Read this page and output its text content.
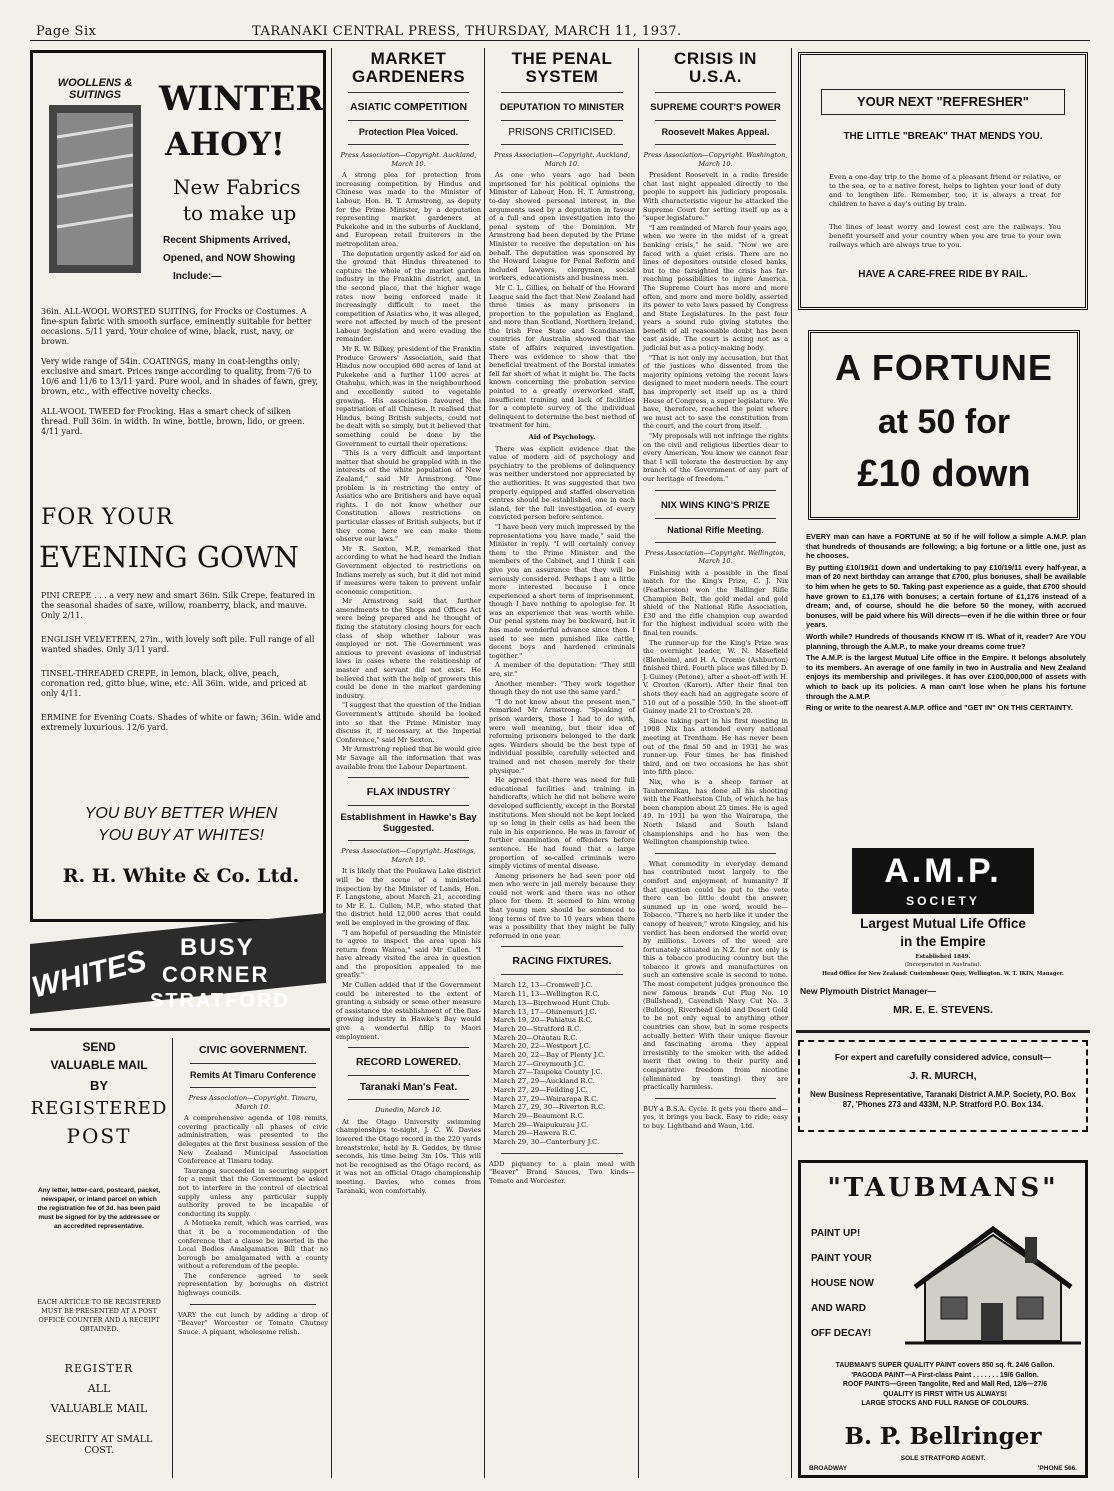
Page Six	TARANAKI CENTRAL PRESS, THURSDAY, MARCH 11, 1937.
WOOLLENS & SUITINGS	WINTER
AHOY!
New Fabrics
to make up
Recent Shipments Arrived,
Opened, and NOW Showing
Include:—

36in. ALL-WOOL WORSTED SUITING, for Frocks or Costumes. A fine-spun fabric with smooth surface, eminently suitable for better occasions. 5/11 yard. Your choice of wine, black, rust, navy, or brown.

Very wide range of 54in. COATINGS, many in coat-lengths only; exclusive and smart. Prices range according to quality, from 7/6 to 10/6 and 11/6 to 13/11 yard. Pure wool, and in shades of fawn, grey, brown, etc., with effective novelty checks.

ALL-WOOL TWEED for Frocking. Has a smart check of silken thread. Full 36in. in width. In wine, bottle, brown, lido, or green. 4/11 yard.

FOR YOUR
EVENING GOWN

PINI CREPE . . . a very new and smart 36in. Silk Crepe, featured in the seasonal shades of saxe, willow, roanberry, black, and mauve. Only 2/11.

ENGLISH VELVETEEN, 27in., with lovely soft pile. Full range of all wanted shades. Only 3/11 yard.

TINSEL-THREADED CREPE, in lemon, black, olive, peach, coronation red, gitto blue, wine, etc. All 36in. wide, and priced at only 4/11.

ERMINE for Evening Coats. Shades of white or fawn; 36in. wide and extremely luxurious. 12/6 yard.

YOU BUY BETTER WHEN
YOU BUY AT WHITES!
R. H. White & Co. Ltd.
WHITES	BUSY
CORNER
STRATFORD
SEND
VALUABLE MAIL
BY
REGISTERED
POST
Any letter, letter-card, postcard, packet, newspaper, or inland parcel on which the registration fee of 3d. has been paid must be signed for by the addressee or an accredited representative.
EACH ARTICLE TO BE REGISTERED MUST BE PRESENTED AT A POST OFFICE COUNTER AND A RECEIPT OBTAINED.
REGISTER
ALL
VALUABLE MAIL
SECURITY AT SMALL COST.
CIVIC GOVERNMENT.
Remits At Timaru Conference
Press Association—Copyright. Timaru, March 10.

A comprehensive agenda of 108 remits, covering practically all phases of civic administration, was presented to the delegates at the first business session of the New Zealand Municipal Association Conference at Timaru today.

Tauranga succeeded in securing support for a remit that the Government be asked not to interfere in the control of electrical supply unless any particular supply authority proved to be incapable of conducting its supply.

A Motueka remit, which was carried, was that it be a recommendation of the conference that a clause be inserted in the Local Bodies Amalgamation Bill that no borough be amalgamated with a county without a referendum of the people.

The conference agreed to seek representation by boroughs on district highways councils.

VARY the cut lunch by adding a drop of "Beaver" Worcester or Tomato Chutney Sauce. A piquant, wholesome relish.

MARKET
GARDENERS
ASIATIC COMPETITION
Protection Plea Voiced.
Press Association—Copyright. Auckland, March 10.

A strong plea for protection from increasing competition by Hindus and Chinese was made to the Minister of Labour, Hon. H. T. Armstrong, as deputy for the Prime Minister, by a deputation representing market gardeners at Pukekohe and in the suburbs of Auckland, and European retail fruiterers in the metropolitan area.

The deputation urgently asked for aid on the ground that Hindus threatened to capture the whole of the market garden industry in the Franklin district, and, in the second place, that the higher wage rates now being enforced made it increasingly difficult to meet the competition of Asiatics who, it was alleged, were not affected by much of the present Labour legislation and were evading the remainder.

Mr R. W. Bilkey, president of the Franklin Produce Growers' Association, said that Hindus now occupied 600 acres of land at Pukekohe and a further 1100 acres at Otahuhu, which was in the neighbourhood and excellently suited to vegetable growing. His association favoured the repatriation of all Chinese. It realised that Hindus, being British subjects, could not be dealt with so simply, but it believed that something could be done by the Government to curtail their operations.

"This is a very difficult and important matter that should be grappled with in the interests of the white population of New Zealand," said Mr Armstrong. "One problem is in restricting the entry of Asiatics who are Britishers and have equal rights. I do not know whether our Constitution allows restrictions on particular classes of British subjects, but if they come here we can make them observe our laws."

Mr R. Sexton, M.P., remarked that according to what he had heard the Indian Government objected to restrictions on Indians merely as such, but it did not mind if measures were taken to prevent unfair economic competition.

Mr Armstrong said that further amendments to the Shops and Offices Act were being prepared and he thought of fixing the statutory closing hours for each class of shop whether labour was employed or not. The Government was anxious to prevent evasions of industrial laws in cases where the relationship of master and servant did not exist. He believed that with the help of growers this could be done in the market gardening industry.

"I suggest that the question of the Indian Government's attitude should be looked into so that the Prime Minister may discuss it, if necessary, at the Imperial Conference," said Mr Sexton.

Mr Armstrong replied that he would give Mr Savage all the information that was available from the Labour Department.

FLAX INDUSTRY
Establishment in Hawke's Bay Suggested.
Press Association—Copyright. Hastings, March 10.

It is likely that the Poukawa Lake district will be the scene of a ministerial inspection by the Minister of Lands, Hon. F. Langstone, about March 21, according to Mr E. L. Cullen, M.P., who stated that the district held 12,000 acres that could well be employed in the growing of flax.

"I am hopeful of persuading the Minister to agree to inspect the area upon his return from Wairoa," said Mr Cullen. "I have already visited the area in question and the proposition appealed to me greatly."

Mr Cullen added that if the Government could be interested to the extent of granting a subsidy or some other measure of assistance the establishment of the flax-growing industry in Hawke's Bay would give a wonderful fillip to Maori employment.

RECORD LOWERED.
Taranaki Man's Feat.
Dunedin, March 10.

At the Otago University swimming championships to-night, J. C. W. Davies lowered the Otago record in the 220 yards breaststroke, held by R. Geddes, by three seconds, his time being 3m 10s. This will not be recognised as the Otago record, as it was not an official Otago championship meeting. Davies, who comes from Taranaki, won comfortably.

THE PENAL
SYSTEM
DEPUTATION TO MINISTER
PRISONS CRITICISED.
Press Association—Copyright. Auckland, March 10.

As one who years ago had been imprisoned for his political opinions the Minister of Labour, Hon. H. T. Armstrong, to-day showed personal interest in the arguments used by a deputation in favour of a full and open investigation into the penal system of the Dominion. Mr Armstrong had been deputed by the Prime Minister to receive the deputation on his behalf. The deputation was sponsored by the Howard League for Penal Reform and included lawyers, clergymen, social workers, educationists and business men.

Mr C. L. Gillies, on behalf of the Howard League said the fact that New Zealand had three times as many prisoners in proportion to the population as England, and more than Scotland, Northern Ireland, the Irish Free State and Scandinavian countries for Australia showed that the state of affairs required investigation. There was evidence to show that the beneficial treatment of the Borstal inmates fell far short of what it might be. The facts known concerning the probation service pointed to a greatly overworked staff, insufficient training and lack of facilities for a complete survey of the individual delinquent to determine the best method of treatment for him.

Aid of Psychology.

There was explicit evidence that the value of modern aid of psychology and psychiatry to the problems of delinquency was neither understood nor appreciated by the authorities. It was suggested that two properly equipped and staffed observation centres should be established, one in each island, for the full investigation of every convicted person before sentence.

"I have been very much impressed by the representations you have made," said the Minister in reply. "I will certainly convey them to the Prime Minister and the members of the Cabinet, and I think I can give you an assurance that they will be seriously considered. Perhaps I am a little more interested because I once experienced a short term of imprisonment, though I have nothing to apologise for. It was an experience that was worth while. Our penal system may be backward, but it has made wonderful advance since then. I used to see men punished like cattle, decent boys and hardened criminals together."

A member of the deputation: "They still are, sir."

Another member: "They work together though they do not use the same yard."

"I do not know about the present men," remarked Mr Armstrong. "Speaking of prison warders, those I had to do with, were well meaning, but their idea of reforming prisoners belonged to the dark ages. Warders should be the best type of individual possible, carefully selected and trained and not chosen merely for their physique."

He agreed that there was need for full educational facilities and training in handicrafts, which he did not believe were developed sufficiently, except in the Borstal institutions. Men should not be kept locked up so long in their cells as had been the rule in his experience. He was in favour of further examination of offenders before sentence. He had found that a large proportion of so-called criminals were simply victims of mental disease.

Among prisoners he had seen poor old men who were in jail merely because they could not work and there was no other place for them. It seemed to him wrong that young men should be sentenced to long terms of five to 10 years when there was a possibility that they might be fully reformed in one year.

RACING FIXTURES.
March 12, 13—Cromwell J.C.
March 11, 13—Wellington R.C.
March 13—Birchwood Hunt Club.
March 13, 17—Ohinemuri J.C.
March 19, 20—Pahiatua R.C.
March 20—Stratford R.C.
March 20—Otautau R.C.
March 20, 22—Westport J.C.
March 20, 22—Bay of Plenty J.C.
March 27—Greymouth J.C.
March 27—Taupeka County J.C.
March 27, 29—Auckland R.C.
March 27, 29—Feilding J.C.
March 27, 29—Wairarapa R.C.
March 27, 29, 30—Riverton R.C.
March 29—Beaumont R.C.
March 29—Waipukurau J.C.
March 29—Hawera R.C.
March 29, 30—Canterbury J.C.

ADD piquancy to a plain meal with "Beaver" Brand Sauces, Two kinds—Tomato and Worcester.

CRISIS IN
U.S.A.
SUPREME COURT'S POWER
Roosevelt Makes Appeal.
Press Association—Copyright. Washington, March 10.

President Roosevelt in a radio fireside chat last night appealed directly to the people to support his judiciary proposals. With characteristic vigour he attacked the Supreme Court for setting itself up as a "super legislature."

"I am reminded of March four years ago, when we were in the midst of a great banking crisis," he said. "Now we are faced with a quiet crisis. There are no lines of depositors outside closed banks, but to the farsighted the crisis has far-reaching possibilities to injure America. The Supreme Court has more and more often, and more and more boldly, asserted its power to veto laws passed by Congress and State Legislatures. In the past four years a sound rule giving statutes the benefit of all reasonable doubt has been cast aside. The court is acting not as a judicial but as a policy-making body.

"That is not only my accusation, but that of the justices who dissented from the majority opinions vetoing the recent laws designed to meet modern needs. The court has improperly set itself up as a third House of Congress, a super legislature. We have, therefore, reached the point where we must act to save the constitution from the court, and the court from itself.

"My proposals will not infringe the rights on the civil and religious liberties dear to every American. You know we cannot fear that I will tolerate the destruction by any branch of the Government of any part of our heritage of freedom."

NIX WINS KING'S PRIZE
National Rifle Meeting.
Press Association—Copyright. Wellington, March 10.

Finishing with a possible in the final match for the King's Prize, C. J. Nix (Featherston) won the Ballinger Rifle Champion Belt, the gold medal and gold shield of the National Rifle Association, £30 and the rifle champion cup awarded for the highest individual score with the final ten rounds.

The runner-up for the King's Prize was the overnight leader, W. N. Masefield (Blenheim), and H. A. Cromie (Ashburton) finished third. Fourth place was filled by D. J. Guiney (Petone), after a shoot-off with H. V. Croxton (Karori). After their final ten shots they each had an aggregate score of 510 out of a possible 550. In the shoot-off Guiney made 21 to Croxton's 20.

Since taking part in his first meeting in 1908 Nix has attended every national meeting at Trentham. He has never been out of the final 50 and in 1931 he was runner-up. Four times he has finished third, and on two occasions he has shot into fifth place.

Nix, who is a sheep farmer at Tauherenikau, has done all his shooting with the Featherston Club, of which he has been champion about 25 times. He is aged 49. In 1931 he won the Wairarapa, the North Island and South Island championships and he has won the Wellington championship twice.

What commodity in everyday demand has contributed most largely to the comfort and enjoyment of humanity? If that question could be put to the vote there can be little doubt the answer, summed up in one word, would be—Tobacco. "There's no herb like it under the canopy of heaven," wrote Kingsley, and his verdict has been endorsed the world over, by millions. Lovers of the weed are fortunately situated in N.Z. for not only is this a tobacco producing country but the tobacco it grows and manufactures on such an extensive scale is second to none. The most competent judges pronounce the new famous brands Cut Plug No. 10 (Bullshead), Cavendish Navy Cut No. 3 (Bulldog), Riverhead Gold and Desert Gold to be not only equal to anything other countries can show, but in some respects actually better. With their unique flavour and fascinating aroma they appeal irresistibly to the smoker with the added merit that owing to their purity and comparative freedom from nicotine (eliminated by toasting) they are practically harmless.

BUY a B.S.A. Cycle. It gets you there and—yes, it brings you back. Easy to ride; easy to buy. Lightband and Waun, Ltd.

YOUR NEXT "REFRESHER"
THE LITTLE "BREAK" THAT MENDS YOU.
Even a one-day trip to the home of a pleasant friend or relative, or to the sea, or to a native forest, helps to lighten your load of duty and to lengthen life. Remember, too, it is always a treat for children to have a day's outing by train.
The lines of least worry and lowest cost are the railways. You benefit yourself and your country when you are true to your own railways which are always true to you.
HAVE A CARE-FREE RIDE BY RAIL.
A FORTUNE
at 50 for
£10 down

EVERY man can have a FORTUNE at 50 if he will follow a simple A.M.P. plan that hundreds of thousands are following; a big fortune or a little one, just as he chooses.

By putting £10/19/11 down and undertaking to pay £10/19/11 every half-year, a man of 20 next birthday can arrange that £700, plus bonuses, shall be available to him when he gets to 50. Taking past experience as a guide, that £700 should have grown to £1,176 with bonuses; a certain fortune of £1,176 instead of a dream; and, of course, should he die before 50 the money, with accrued bonuses, will be paid where his Will directs—even if he die within three or four years.

Worth while? Hundreds of thousands KNOW IT IS. What of it, reader? Are YOU planning, through the A.M.P., to make your dreams come true?

The A.M.P. is the largest Mutual Life office in the Empire. It belongs absolutely to its members. An average of one family in two in Australia and New Zealand enjoys its membership and privileges. It has over £100,000,000 of assets with which to back up its policies. A man can't lose when he plans his fortune through the A.M.P.

Ring or write to the nearest A.M.P. office and "GET IN" ON THIS CERTAINTY.

A.M.P.
SOCIETY
Largest Mutual Life Office
in the Empire
Established 1849.
(Incorporated in Australia).
Head Office for New Zealand: Customhouse Quay, Wellington. W. T. IKIN, Manager.
New Plymouth District Manager—
MR. E. E. STEVENS.
For expert and carefully considered advice, consult—
J. R. MURCH,
New Business Representative, Taranaki District A.M.P. Society, P.O. Box 87, 'Phones 273 and 433M, N.P. Stratford P.O. Box 134.
"TAUBMANS"
PAINT UP!
PAINT YOUR
HOUSE NOW
AND WARD
OFF DECAY!
TAUBMAN'S SUPER QUALITY PAINT covers 850 sq. ft. 24/6 Gallon.
'PAGODA PAINT—A First-class Paint . . . . . . . 19/6 Gallon.
ROOF PAINTS—Green Tangolite, Red and Mall Red, 12/6—27/6
QUALITY IS FIRST WITH US ALWAYS!
LARGE STOCKS AND FULL RANGE OF COLOURS.
B. P. Bellringer
SOLE STRATFORD AGENT.
BROADWAY	'PHONE 566.
